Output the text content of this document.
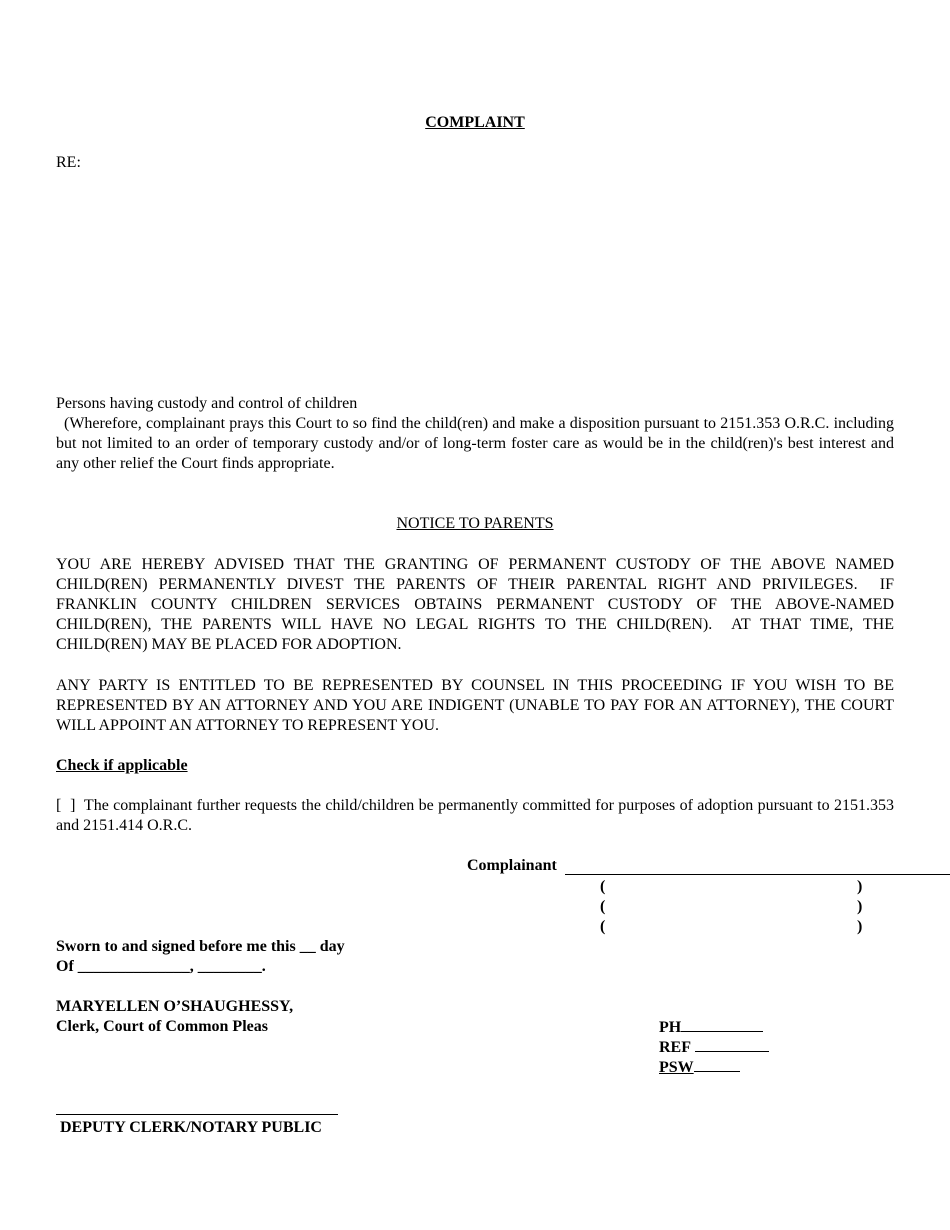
COMPLAINT
RE:
Persons having custody and control of children
(Wherefore, complainant prays this Court to so find the child(ren) and make a disposition pursuant to 2151.353 O.R.C. including but not limited to an order of temporary custody and/or of long-term foster care as would be in the child(ren)'s best interest and any other relief the Court finds appropriate.
NOTICE TO PARENTS
YOU ARE HEREBY ADVISED THAT THE GRANTING OF PERMANENT CUSTODY OF THE ABOVE NAMED CHILD(REN) PERMANENTLY DIVEST THE PARENTS OF THEIR PARENTAL RIGHT AND PRIVILEGES.  IF FRANKLIN COUNTY CHILDREN SERVICES OBTAINS PERMANENT CUSTODY OF THE ABOVE-NAMED CHILD(REN), THE PARENTS WILL HAVE NO LEGAL RIGHTS TO THE CHILD(REN).  AT THAT TIME, THE CHILD(REN) MAY BE PLACED FOR ADOPTION.
ANY PARTY IS ENTITLED TO BE REPRESENTED BY COUNSEL IN THIS PROCEEDING IF YOU WISH TO BE REPRESENTED BY AN ATTORNEY AND YOU ARE INDIGENT (UNABLE TO PAY FOR AN ATTORNEY), THE COURT WILL APPOINT AN ATTORNEY TO REPRESENT YOU.
Check if applicable
[  ]  The complainant further requests the child/children be permanently committed for purposes of adoption pursuant to 2151.353 and 2151.414 O.R.C.
Complainant
(	)
(	)
(	)
Sworn to and signed before me this __ day
Of ______________, ________.
MARYELLEN O’SHAUGHESSY,
Clerk, Court of Common Pleas	PH
REF
PSW
DEPUTY CLERK/NOTARY PUBLIC
